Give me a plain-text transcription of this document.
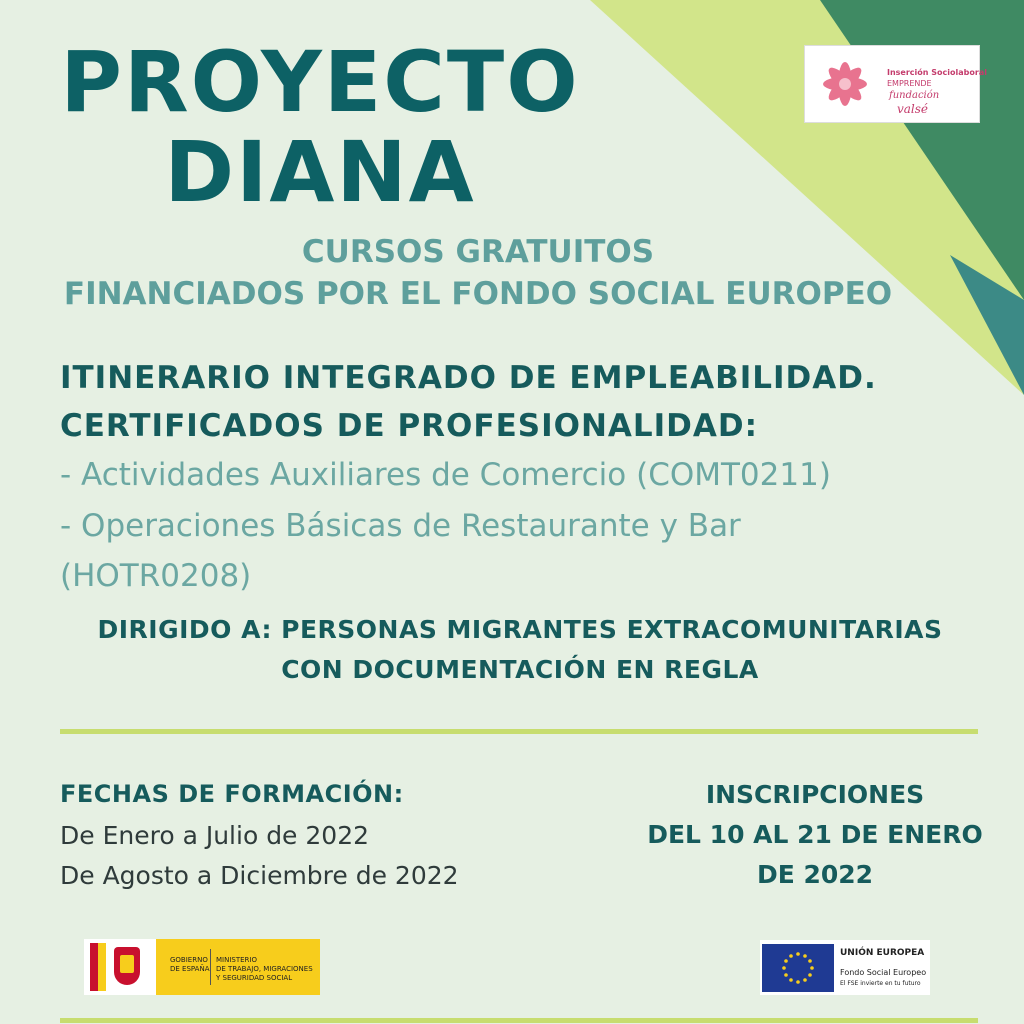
PROYECTO
DIANA
Inserción Sociolaboral
EMPRENDE
fundación
valsé
CURSOS GRATUITOS
FINANCIADOS POR EL FONDO SOCIAL EUROPEO
ITINERARIO INTEGRADO DE EMPLEABILIDAD.
CERTIFICADOS DE PROFESIONALIDAD:
- Actividades Auxiliares de Comercio (COMT0211)
- Operaciones Básicas de Restaurante y Bar
(HOTR0208)
DIRIGIDO A: PERSONAS MIGRANTES EXTRACOMUNITARIAS
CON DOCUMENTACIÓN EN REGLA
FECHAS DE FORMACIÓN:
De Enero a Julio de 2022
De Agosto a Diciembre de 2022
INSCRIPCIONES
DEL 10 AL 21 DE ENERO
DE 2022
GOBIERNO
DE ESPAÑA
MINISTERIO
DE TRABAJO, MIGRACIONES
Y SEGURIDAD SOCIAL
UNIÓN EUROPEA
Fondo Social Europeo
El FSE invierte en tu futuro
